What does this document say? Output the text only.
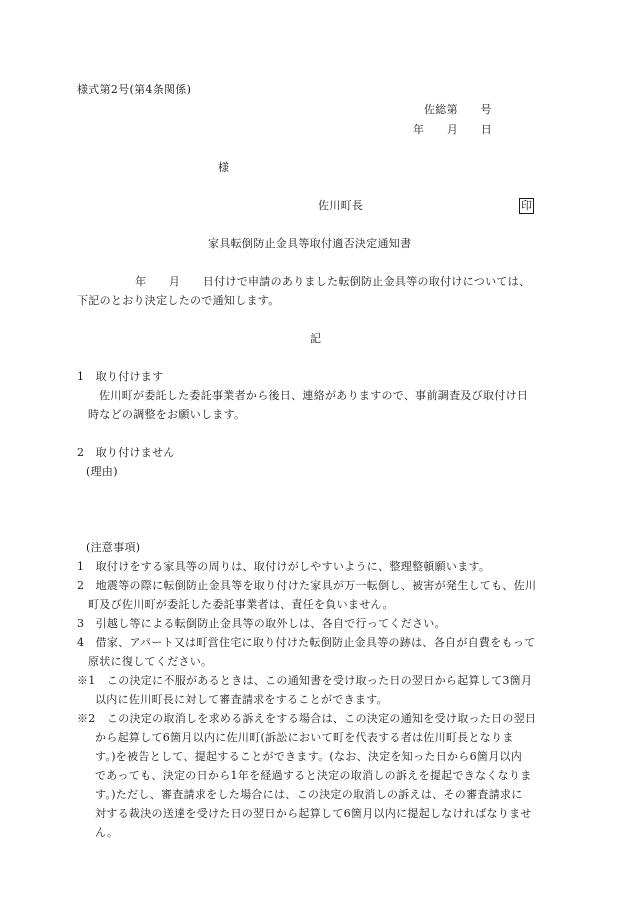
様式第2号(第4条関係)
佐総第　　号
年　　月　　日
様
佐川町長	印
家具転倒防止金具等取付適否決定通知書
年　　月　　日付けで申請のありました転倒防止金具等の取付けについては、
下記のとおり決定したので通知します。
記
1　取り付けます
佐川町が委託した委託事業者から後日、連絡がありますので、事前調査及び取付け日
時などの調整をお願いします。
2　取り付けません
(理由)
(注意事項)
1　取付けをする家具等の周りは、取付けがしやすいように、整理整頓願います。
2　地震等の際に転倒防止金具等を取り付けた家具が万一転倒し、被害が発生しても、佐川
町及び佐川町が委託した委託事業者は、責任を負いません。
3　引越し等による転倒防止金具等の取外しは、各自で行ってください。
4　借家、アパート又は町営住宅に取り付けた転倒防止金具等の跡は、各自が自費をもって
原状に復してください。
※1　この決定に不服があるときは、この通知書を受け取った日の翌日から起算して3箇月
以内に佐川町長に対して審査請求をすることができます。
※2　この決定の取消しを求める訴えをする場合は、この決定の通知を受け取った日の翌日
から起算して6箇月以内に佐川町(訴訟において町を代表する者は佐川町長となりま
す。)を被告として、提起することができます。(なお、決定を知った日から6箇月以内
であっても、決定の日から1年を経過すると決定の取消しの訴えを提起できなくなりま
す。)ただし、審査請求をした場合には、この決定の取消しの訴えは、その審査請求に
対する裁決の送達を受けた日の翌日から起算して6箇月以内に提起しなければなりませ
ん。
